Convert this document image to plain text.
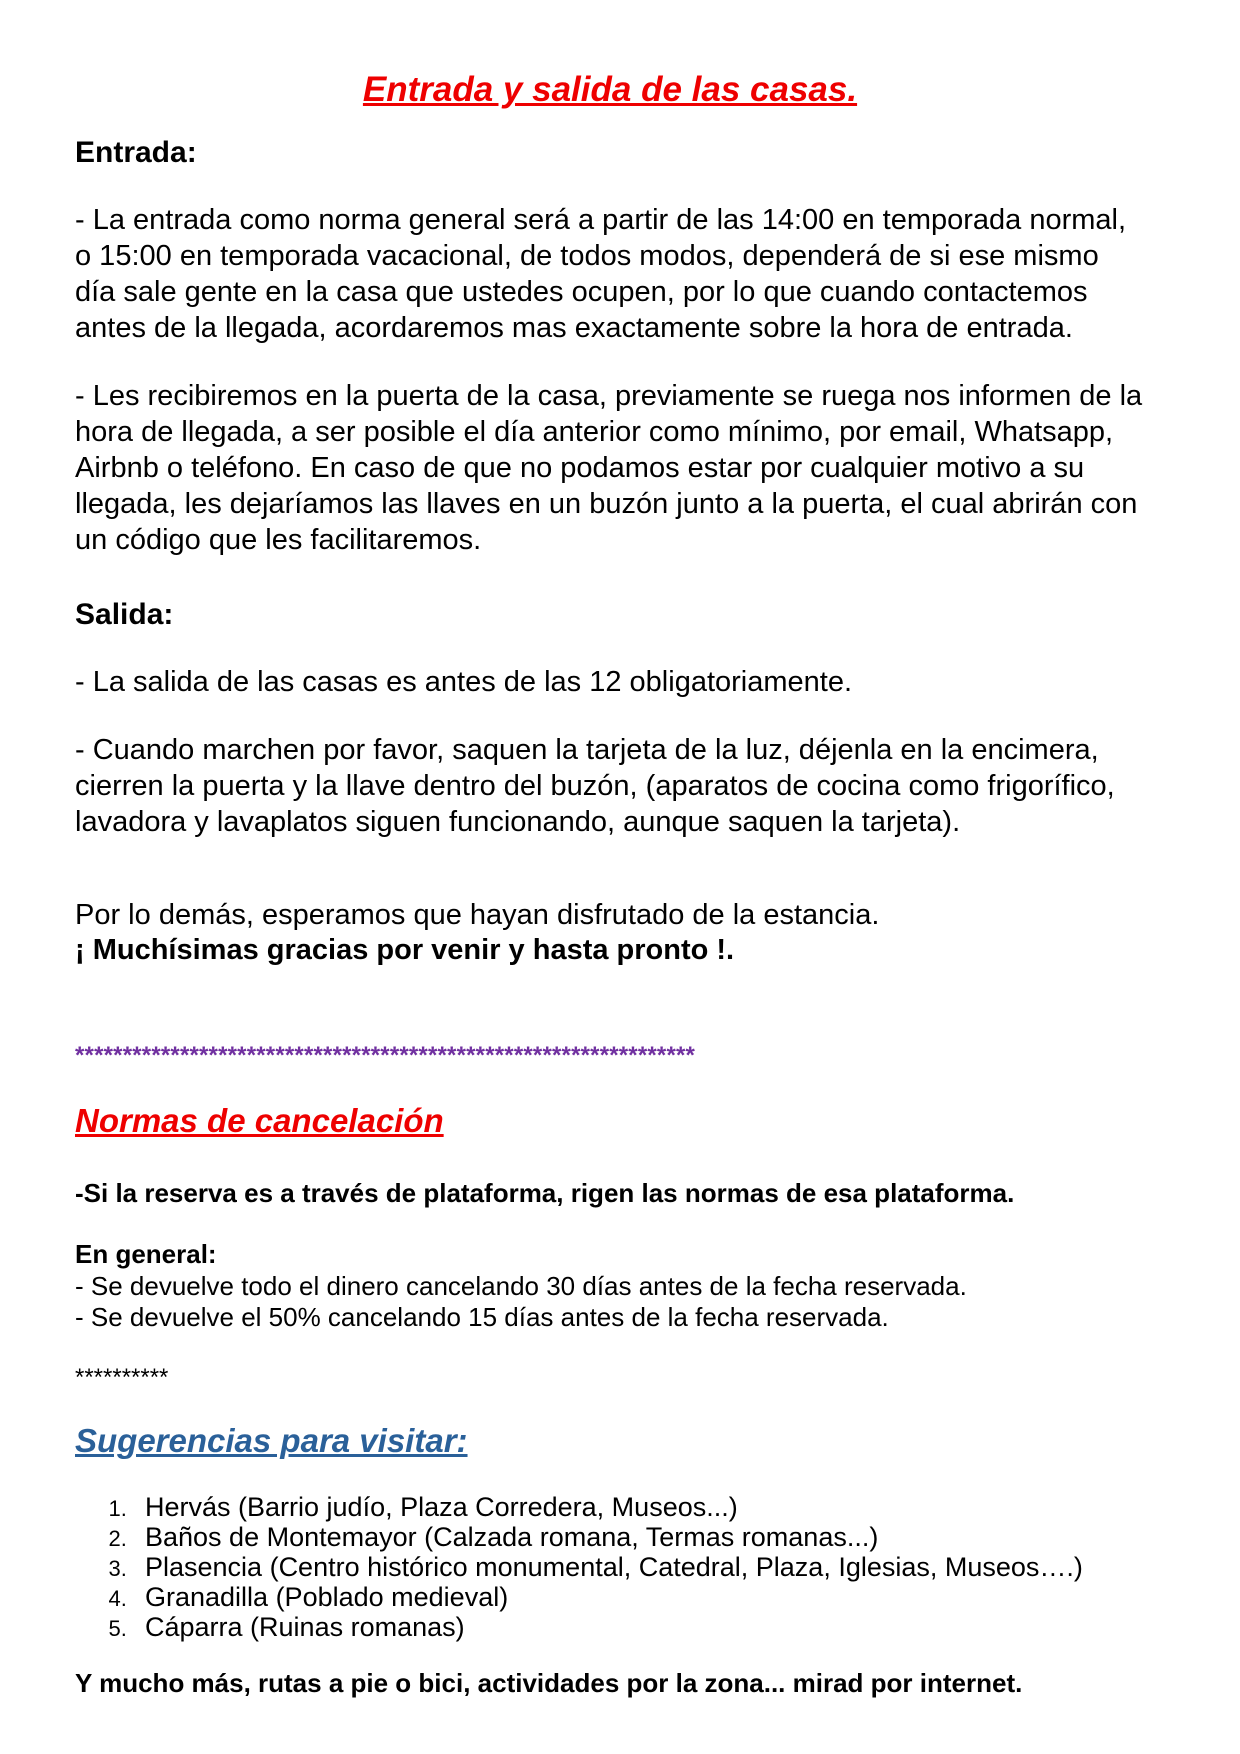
Entrada y salida de las casas.
Entrada:

- La entrada como norma general será a partir de las 14:00 en temporada normal, o 15:00 en temporada vacacional, de todos modos, dependerá de si ese mismo día sale gente en la casa que ustedes ocupen, por lo que cuando contactemos antes de la llegada, acordaremos mas exactamente sobre la hora de entrada.

- Les recibiremos en la puerta de la casa, previamente se ruega nos informen de la hora de llegada, a ser posible el día anterior como mínimo, por email, Whatsapp, Airbnb o teléfono. En caso de que no podamos estar por cualquier motivo a su llegada, les dejaríamos las llaves en un buzón junto a la puerta, el cual abrirán con un código que les facilitaremos.

Salida:

- La salida de las casas es antes de las 12 obligatoriamente.

- Cuando marchen por favor, saquen la tarjeta de la luz, déjenla en la encimera, cierren la puerta y la llave dentro del buzón, (aparatos de cocina como frigorífico, lavadora y lavaplatos siguen funcionando, aunque saquen la tarjeta).

Por lo demás, esperamos que hayan disfrutado de la estancia.
¡ Muchísimas gracias por venir y hasta pronto !.
*****************************************************************
Normas de cancelación

-Si la reserva es a través de plataforma, rigen las normas de esa plataforma.

En general:

- Se devuelve todo el dinero cancelando 30 días antes de la fecha reservada.
- Se devuelve el 50% cancelando 15 días antes de la fecha reservada.
**********
Sugerencias para visitar:
1. Hervás (Barrio judío, Plaza Corredera, Museos...)
2. Baños de Montemayor (Calzada romana, Termas romanas...)
3. Plasencia (Centro histórico monumental, Catedral, Plaza, Iglesias, Museos….)
4. Granadilla (Poblado medieval)
5. Cáparra (Ruinas romanas)

Y mucho más, rutas a pie o bici, actividades por la zona... mirad por internet.
